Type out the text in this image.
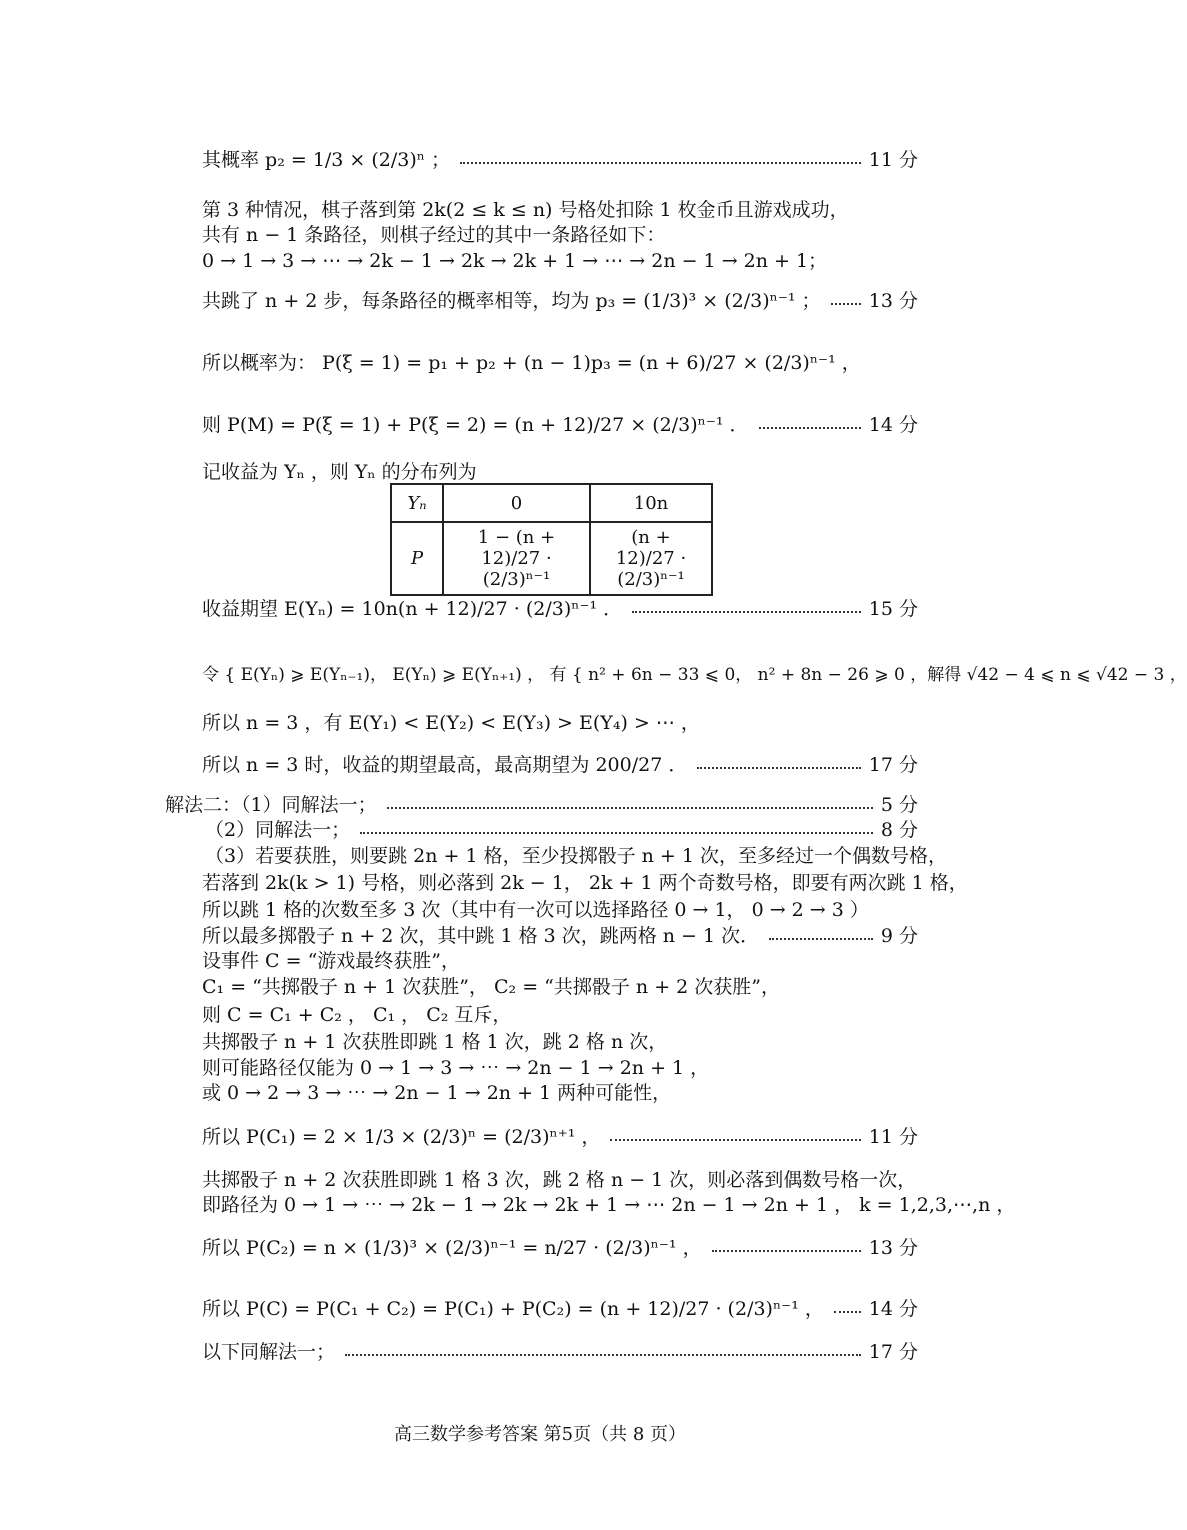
其概率 p₂ = 1/3 × (2/3)ⁿ ；	11 分
第 3 种情况，棋子落到第 2k(2 ≤ k ≤ n) 号格处扣除 1 枚金币且游戏成功，
共有 n − 1 条路径，则棋子经过的其中一条路径如下：
0 → 1 → 3 → ⋯ → 2k − 1 → 2k → 2k + 1 → ⋯ → 2n − 1 → 2n + 1；
共跳了 n + 2 步，每条路径的概率相等，均为 p₃ = (1/3)³ × (2/3)ⁿ⁻¹ ；	13 分
所以概率为： P(ξ = 1) = p₁ + p₂ + (n − 1)p₃ = (n + 6)/27 × (2/3)ⁿ⁻¹ ，
则 P(M) = P(ξ = 1) + P(ξ = 2) = (n + 12)/27 × (2/3)ⁿ⁻¹ ．	14 分
记收益为 Yₙ ，则 Yₙ 的分布列为
Yₙ	0	10n
P	1 − (n + 12)/27 · (2/3)ⁿ⁻¹	(n + 12)/27 · (2/3)ⁿ⁻¹
收益期望 E(Yₙ) = 10n(n + 12)/27 · (2/3)ⁿ⁻¹ ．	15 分
令 { E(Yₙ) ⩾ E(Yₙ₋₁)， E(Yₙ) ⩾ E(Yₙ₊₁) ， 有 { n² + 6n − 33 ⩽ 0， n² + 8n − 26 ⩾ 0 ，解得 √42 − 4 ⩽ n ⩽ √42 − 3 ，
所以 n = 3 ，有 E(Y₁) < E(Y₂) < E(Y₃) > E(Y₄) > ⋯ ，
所以 n = 3 时，收益的期望最高，最高期望为 200/27 ．	17 分
解法二：（1）同解法一；	5 分
（2）同解法一；	8 分
（3）若要获胜，则要跳 2n + 1 格，至少投掷骰子 n + 1 次，至多经过一个偶数号格，
若落到 2k(k > 1) 号格，则必落到 2k − 1， 2k + 1 两个奇数号格，即要有两次跳 1 格，
所以跳 1 格的次数至多 3 次（其中有一次可以选择路径 0 → 1， 0 → 2 → 3 ）
所以最多掷骰子 n + 2 次，其中跳 1 格 3 次，跳两格 n − 1 次．	9 分
设事件 C = “游戏最终获胜”，
C₁ = “共掷骰子 n + 1 次获胜”， C₂ = “共掷骰子 n + 2 次获胜”，
则 C = C₁ + C₂ ， C₁ ， C₂ 互斥，
共掷骰子 n + 1 次获胜即跳 1 格 1 次，跳 2 格 n 次，
则可能路径仅能为 0 → 1 → 3 → ⋯ → 2n − 1 → 2n + 1 ，
或 0 → 2 → 3 → ⋯ → 2n − 1 → 2n + 1 两种可能性，
所以 P(C₁) = 2 × 1/3 × (2/3)ⁿ = (2/3)ⁿ⁺¹ ，	11 分
共掷骰子 n + 2 次获胜即跳 1 格 3 次，跳 2 格 n − 1 次，则必落到偶数号格一次，
即路径为 0 → 1 → ⋯ → 2k − 1 → 2k → 2k + 1 → ⋯ 2n − 1 → 2n + 1 ， k = 1,2,3,⋯,n ，
所以 P(C₂) = n × (1/3)³ × (2/3)ⁿ⁻¹ = n/27 · (2/3)ⁿ⁻¹ ，	13 分
所以 P(C) = P(C₁ + C₂) = P(C₁) + P(C₂) = (n + 12)/27 · (2/3)ⁿ⁻¹ ， 14 分
以下同解法一；	17 分
高三数学参考答案 第5页（共 8 页）
